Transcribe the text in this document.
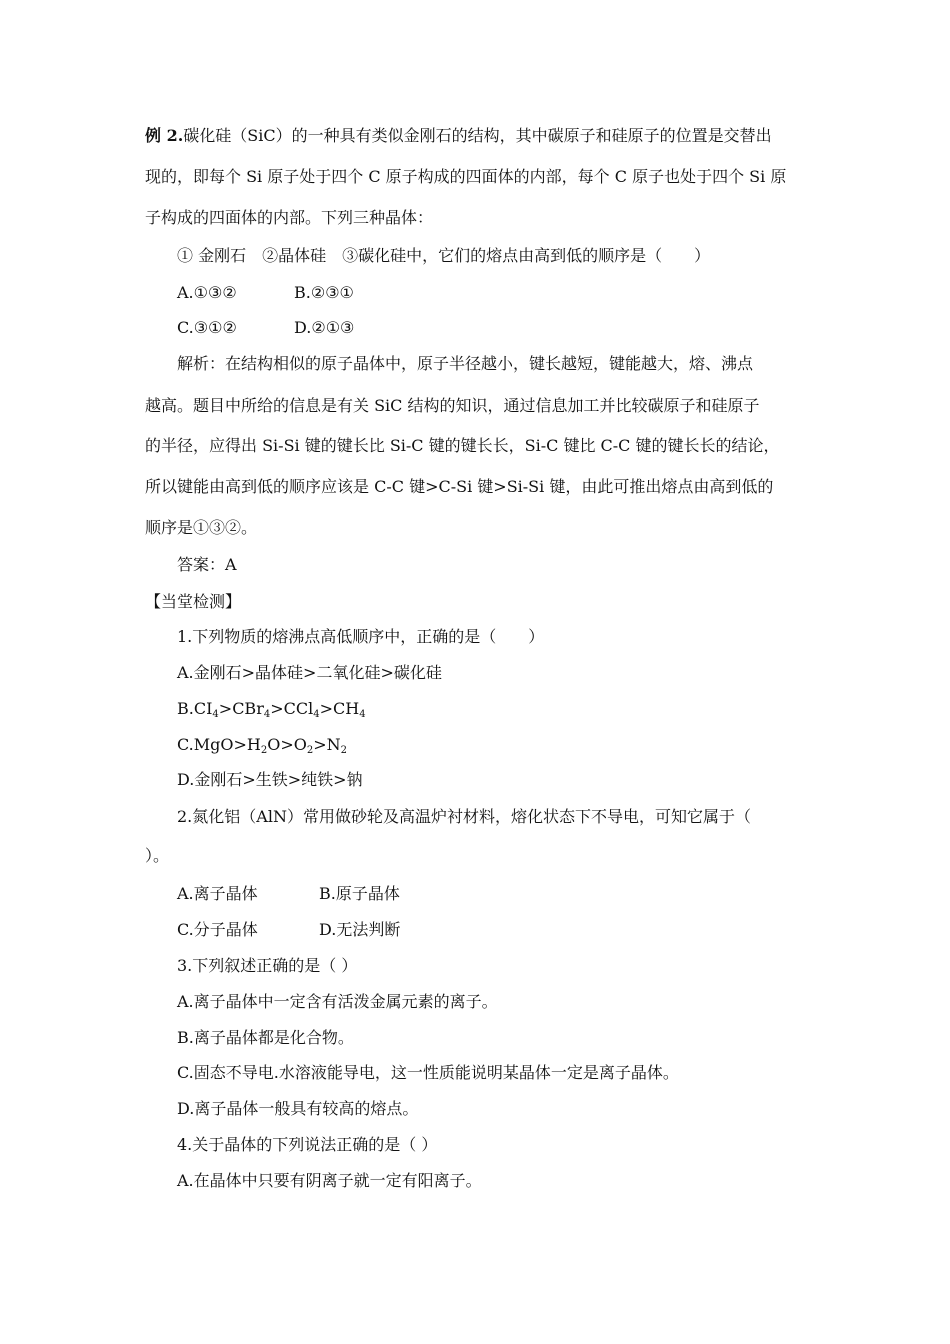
例 2.碳化硅（SiC）的一种具有类似金刚石的结构，其中碳原子和硅原子的位置是交替出
现的，即每个 Si 原子处于四个 C 原子构成的四面体的内部，每个 C 原子也处于四个 Si 原
子构成的四面体的内部。下列三种晶体：
① 金刚石　②晶体硅　③碳化硅中，它们的熔点由高到低的顺序是（　　）
A.①③②	B.②③①
C.③①②	D.②①③
解析：在结构相似的原子晶体中，原子半径越小，键长越短，键能越大，熔、沸点
越高。题目中所给的信息是有关 SiC 结构的知识，通过信息加工并比较碳原子和硅原子
的半径，应得出 Si-Si 键的键长比 Si-C 键的键长长，Si-C 键比 C-C 键的键长长的结论，
所以键能由高到低的顺序应该是 C-C 键>C-Si 键>Si-Si 键，由此可推出熔点由高到低的
顺序是①③②。
答案：A
【当堂检测】
1.下列物质的熔沸点高低顺序中，正确的是（　　）
A.金刚石>晶体硅>二氧化硅>碳化硅
$B.CI_4>CBr_4>CCl_4>CH_4$
$C.MgO>H_2O>O_2>N_2$
D.金刚石>生铁>纯铁>钠
2.氮化铝（AlN）常用做砂轮及高温炉衬材料，熔化状态下不导电，可知它属于（
）。
A.离子晶体	B.原子晶体
C.分子晶体	D.无法判断
3.下列叙述正确的是（ ）
A.离子晶体中一定含有活泼金属元素的离子。
B.离子晶体都是化合物。
C.固态不导电.水溶液能导电，这一性质能说明某晶体一定是离子晶体。
D.离子晶体一般具有较高的熔点。
4.关于晶体的下列说法正确的是（ ）
A.在晶体中只要有阴离子就一定有阳离子。
